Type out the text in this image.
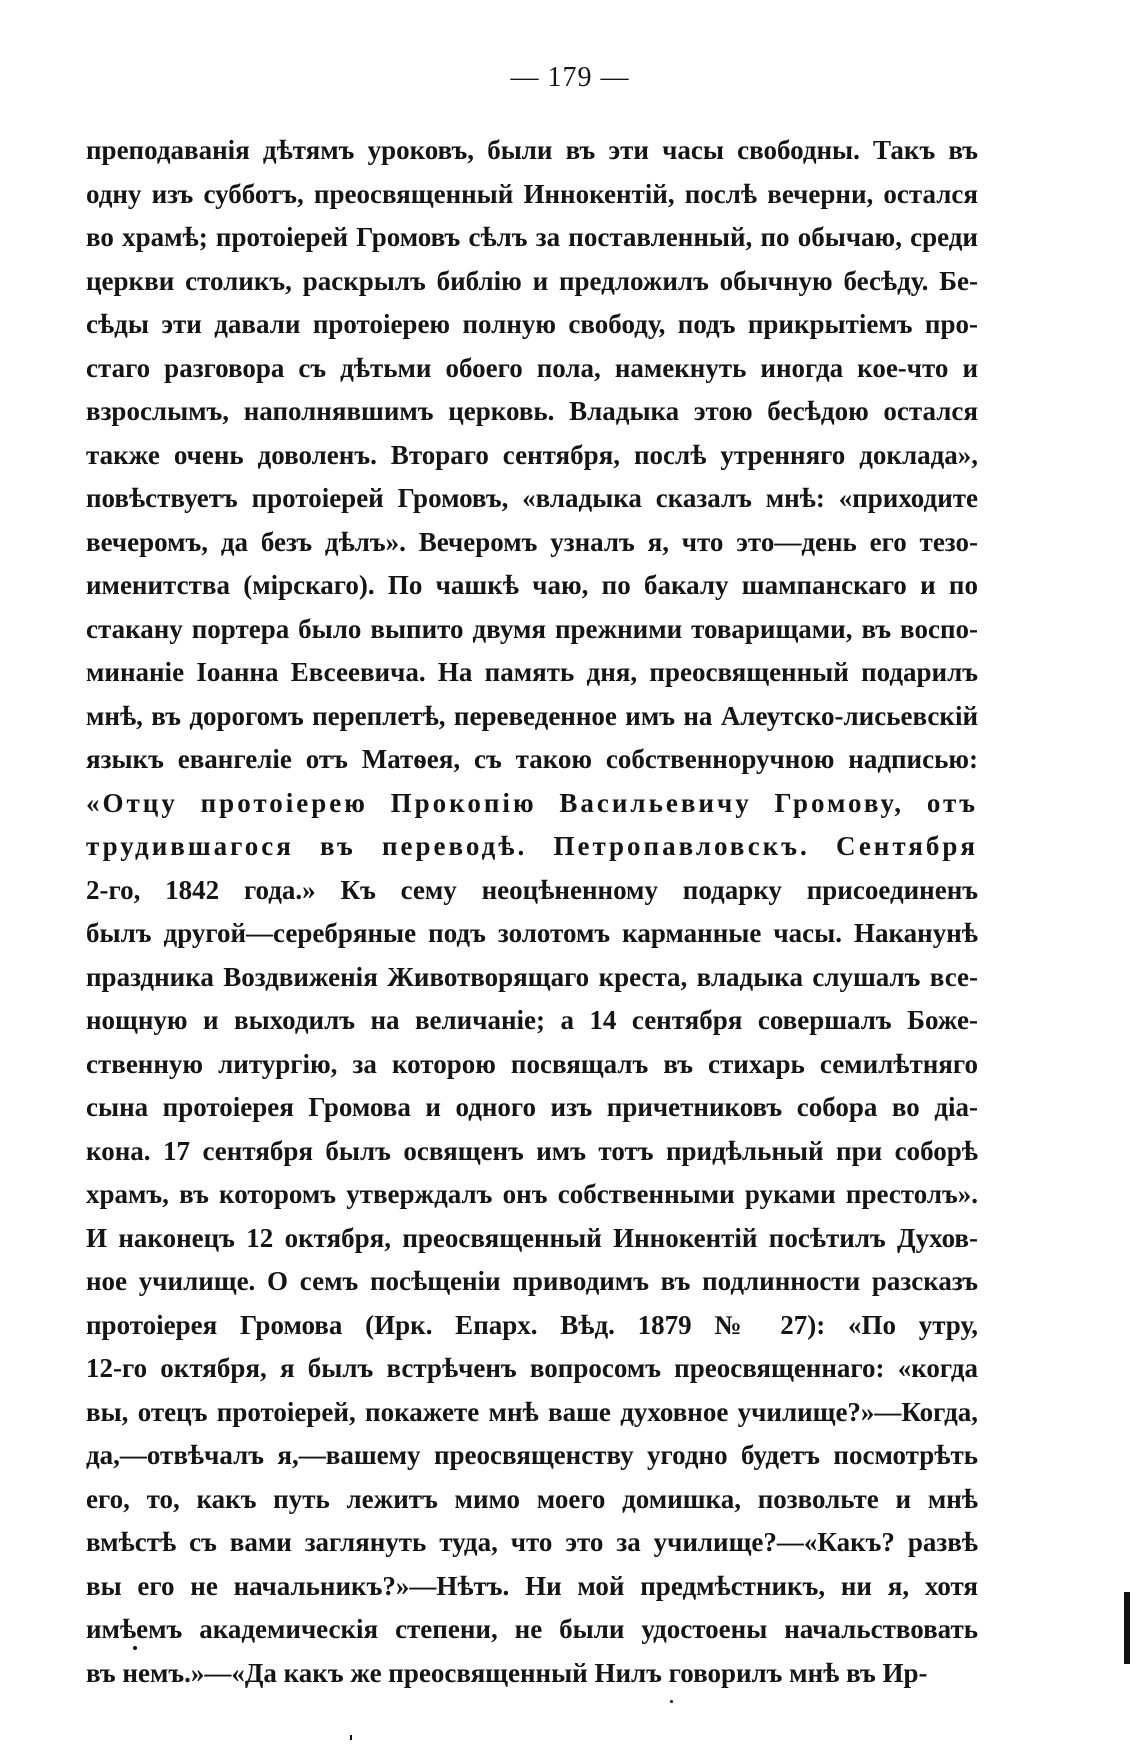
— 179 —
преподаванія дѣтямъ уроковъ, были въ эти часы свободны. Такъ въ
одну изъ субботъ, преосвященный Иннокентій, послѣ вечерни, остался
во храмѣ; протоіерей Громовъ сѣлъ за поставленный, по обычаю, среди
церкви столикъ, раскрылъ библію и предложилъ обычную бесѣду. Бе-
сѣды эти давали протоіерею полную свободу, подъ прикрытіемъ про-
стаго разговора съ дѣтьми обоего пола, намекнуть иногда кое-что и
взрослымъ, наполнявшимъ церковь. Владыка этою бесѣдою остался
также очень доволенъ. Втораго сентября, послѣ утренняго доклада»,
повѣствуетъ протоіерей Громовъ, «владыка сказалъ мнѣ: «приходите
вечеромъ, да безъ дѣлъ». Вечеромъ узналъ я, что это—день его тезо-
именитства (мірскаго). По чашкѣ чаю, по бакалу шампанскаго и по
стакану портера было выпито двумя прежними товарищами, въ воспо-
минаніе Іоанна Евсеевича. На память дня, преосвященный подарилъ
мнѣ, въ дорогомъ переплетѣ, переведенное имъ на Алеутско-лисьевскій
языкъ евангеліе отъ Матѳея, съ такою собственноручною надписью:
«Отцу протоіерею Прокопію Васильевичу Громову, отъ
трудившагося въ переводѣ. Петропавловскъ. Сентября
2-го, 1842 года.» Къ сему неоцѣненному подарку присоединенъ
былъ другой—серебряные подъ золотомъ карманные часы. Наканунѣ
праздника Воздвиженія Животворящаго креста, владыка слушалъ все-
нощную и выходилъ на величаніе; а 14 сентября совершалъ Боже-
ственную литургію, за которою посвящалъ въ стихарь семилѣтняго
сына протоіерея Громова и одного изъ причетниковъ собора во діа-
кона. 17 сентября былъ освященъ имъ тотъ придѣльный при соборѣ
храмъ, въ которомъ утверждалъ онъ собственными руками престолъ».
И наконецъ 12 октября, преосвященный Иннокентій посѣтилъ Духов-
ное училище. О семъ посѣщеніи приводимъ въ подлинности разсказъ
протоіерея Громова (Ирк. Епарх. Вѣд. 1879 № 27): «По утру,
12-го октября, я былъ встрѣченъ вопросомъ преосвященнаго: «когда
вы, отецъ протоіерей, покажете мнѣ ваше духовное училище?»—Когда,
да,—отвѣчалъ я,—вашему преосвященству угодно будетъ посмотрѣть
его, то, какъ путь лежитъ мимо моего домишка, позвольте и мнѣ
вмѣстѣ съ вами заглянуть туда, что это за училище?—«Какъ? развѣ
вы его не начальникъ?»—Нѣтъ. Ни мой предмѣстникъ, ни я, хотя
имѣемъ академическія степени, не были удостоены начальствовать
въ немъ.»—«Да какъ же преосвященный Нилъ говорилъ мнѣ въ Ир-
